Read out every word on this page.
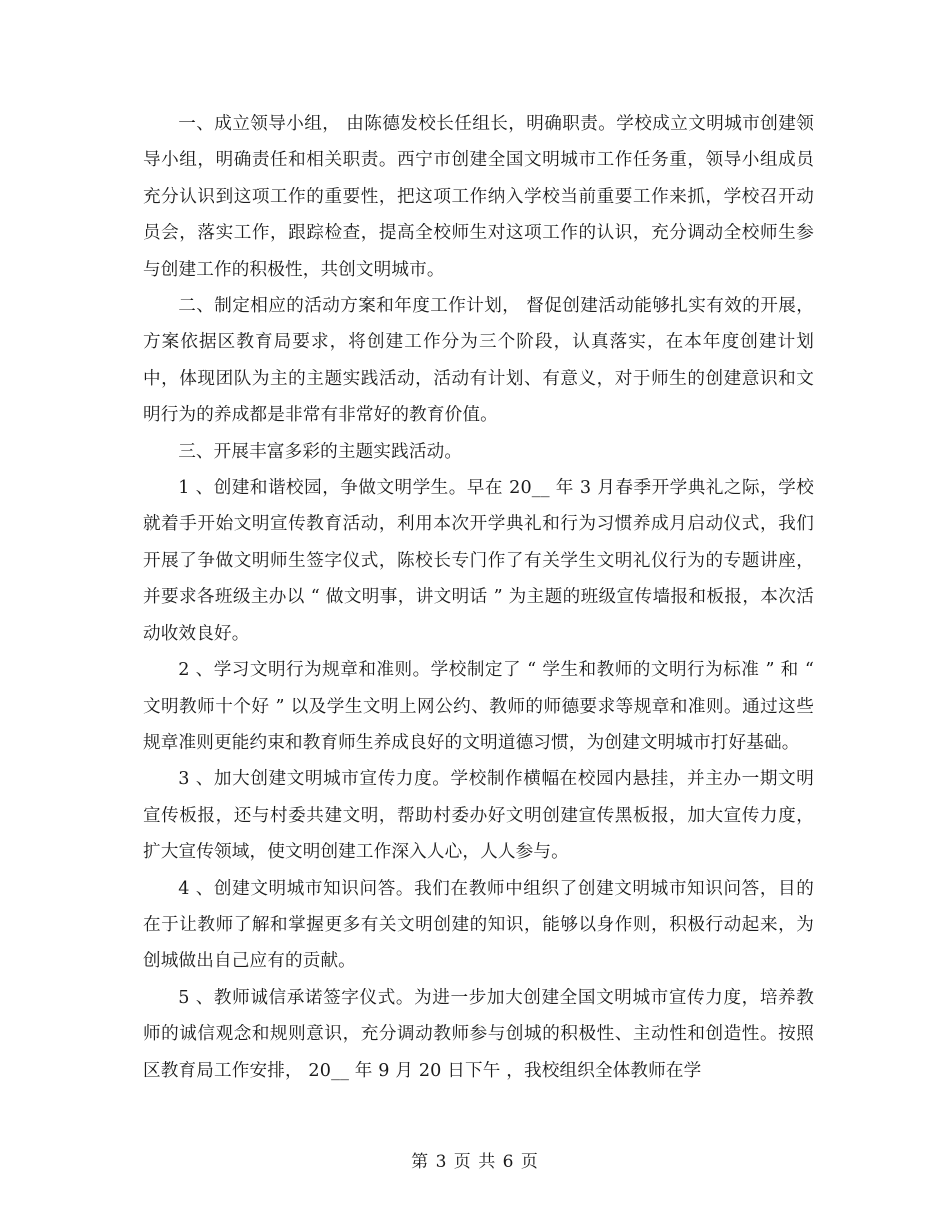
一、成立领导小组， 由陈德发校长任组长，明确职责。学校成立文明城市创建领导小组，明确责任和相关职责。西宁市创建全国文明城市工作任务重，领导小组成员充分认识到这项工作的重要性，把这项工作纳入学校当前重要工作来抓，学校召开动员会，落实工作，跟踪检查，提高全校师生对这项工作的认识，充分调动全校师生参与创建工作的积极性，共创文明城市。

二、制定相应的活动方案和年度工作计划， 督促创建活动能够扎实有效的开展，方案依据区教育局要求，将创建工作分为三个阶段，认真落实，在本年度创建计划中，体现团队为主的主题实践活动，活动有计划、有意义，对于师生的创建意识和文明行为的养成都是非常有非常好的教育价值。

三、开展丰富多彩的主题实践活动。

1 、创建和谐校园，争做文明学生。早在 20__ 年 3 月春季开学典礼之际，学校就着手开始文明宣传教育活动，利用本次开学典礼和行为习惯养成月启动仪式，我们开展了争做文明师生签字仪式，陈校长专门作了有关学生文明礼仪行为的专题讲座，并要求各班级主办以 “ 做文明事，讲文明话 ” 为主题的班级宣传墙报和板报，本次活动收效良好。

2 、学习文明行为规章和准则。学校制定了 “ 学生和教师的文明行为标准 ” 和 “ 文明教师十个好 ” 以及学生文明上网公约、教师的师德要求等规章和准则。通过这些规章准则更能约束和教育师生养成良好的文明道德习惯，为创建文明城市打好基础。

3 、加大创建文明城市宣传力度。学校制作横幅在校园内悬挂，并主办一期文明宣传板报，还与村委共建文明，帮助村委办好文明创建宣传黑板报，加大宣传力度，扩大宣传领域，使文明创建工作深入人心，人人参与。

4 、创建文明城市知识问答。我们在教师中组织了创建文明城市知识问答，目的在于让教师了解和掌握更多有关文明创建的知识，能够以身作则，积极行动起来，为创城做出自己应有的贡献。

5 、教师诚信承诺签字仪式。为进一步加大创建全国文明城市宣传力度，培养教师的诚信观念和规则意识，充分调动教师参与创城的积极性、主动性和创造性。按照区教育局工作安排， 20__ 年 9 月 20 日下午 ，我校组织全体教师在学

第 3 页 共 6 页
